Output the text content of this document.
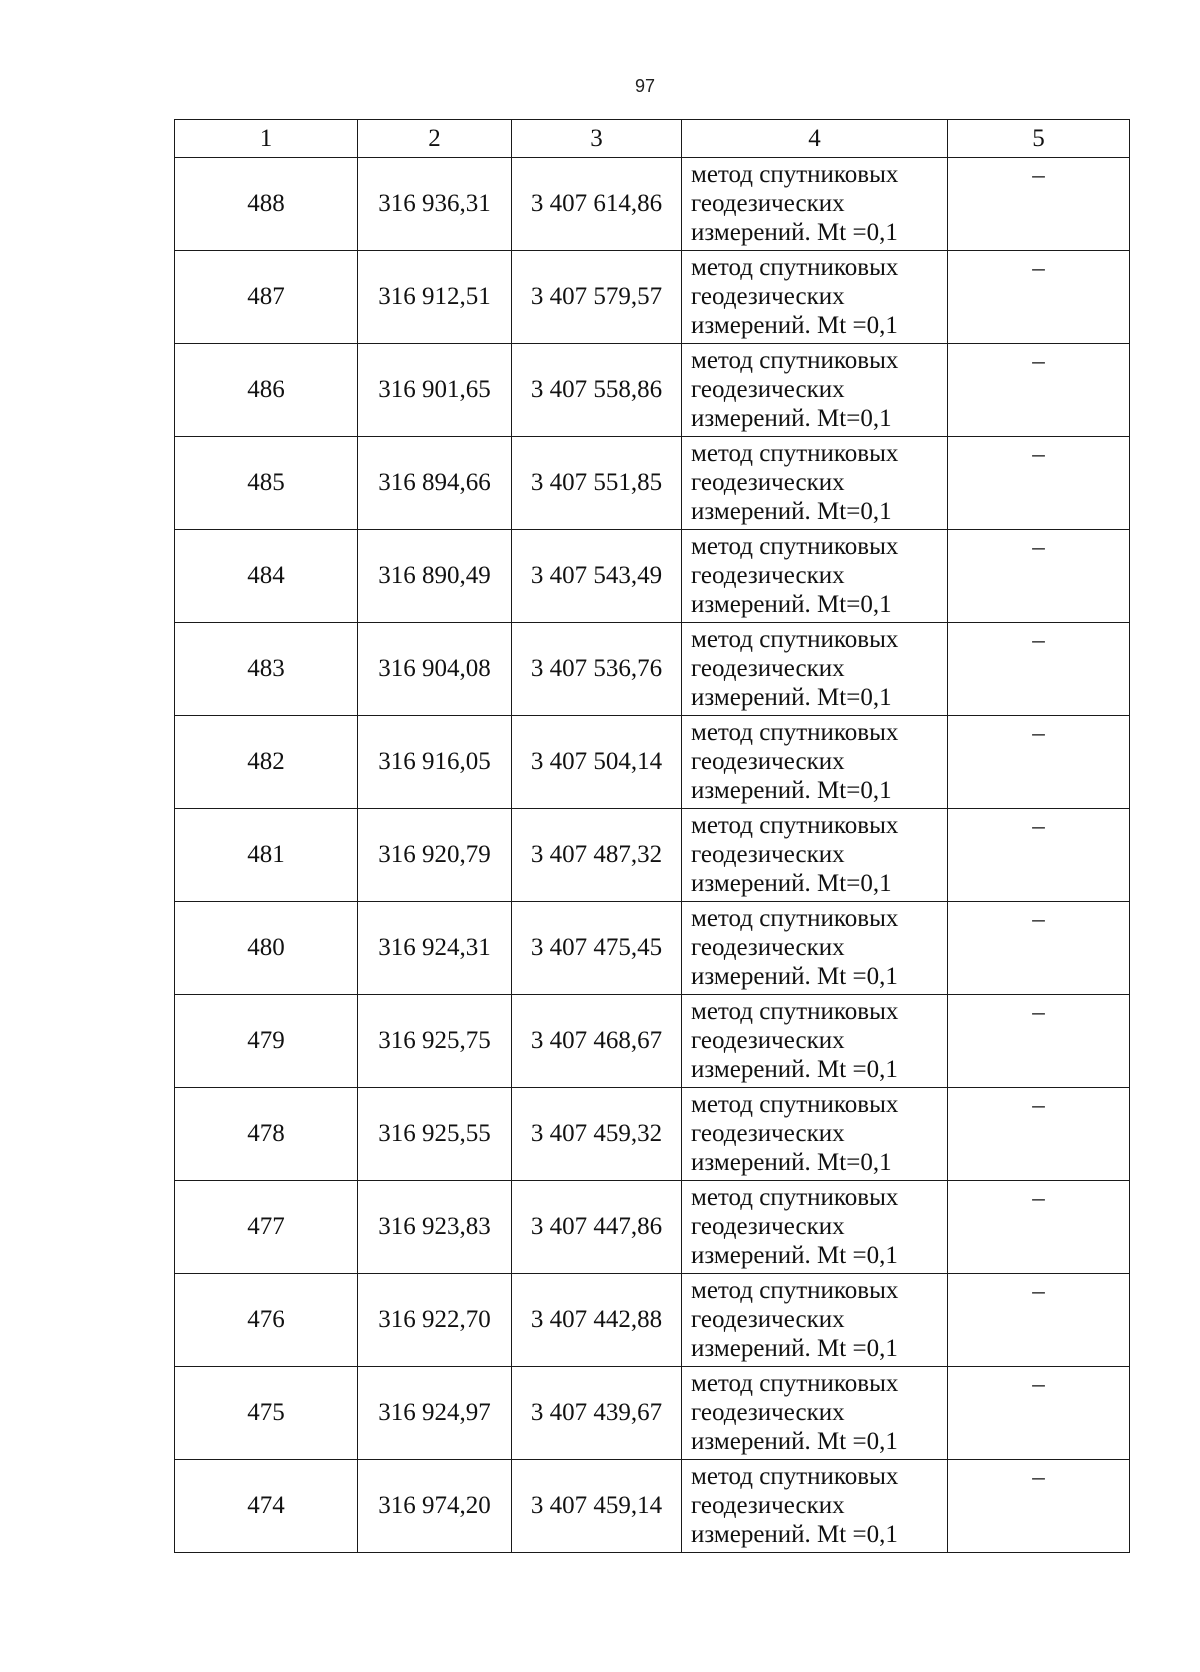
97
1	2	3	4	5
488	316 936,31	3 407 614,86	метод спутниковых
геодезических
измерений. Mt =0,1	–
487	316 912,51	3 407 579,57	метод спутниковых
геодезических
измерений. Mt =0,1	–
486	316 901,65	3 407 558,86	метод спутниковых
геодезических
измерений. Mt=0,1	–
485	316 894,66	3 407 551,85	метод спутниковых
геодезических
измерений. Mt=0,1	–
484	316 890,49	3 407 543,49	метод спутниковых
геодезических
измерений. Mt=0,1	–
483	316 904,08	3 407 536,76	метод спутниковых
геодезических
измерений. Mt=0,1	–
482	316 916,05	3 407 504,14	метод спутниковых
геодезических
измерений. Mt=0,1	–
481	316 920,79	3 407 487,32	метод спутниковых
геодезических
измерений. Mt=0,1	–
480	316 924,31	3 407 475,45	метод спутниковых
геодезических
измерений. Mt =0,1	–
479	316 925,75	3 407 468,67	метод спутниковых
геодезических
измерений. Mt =0,1	–
478	316 925,55	3 407 459,32	метод спутниковых
геодезических
измерений. Mt=0,1	–
477	316 923,83	3 407 447,86	метод спутниковых
геодезических
измерений. Mt =0,1	–
476	316 922,70	3 407 442,88	метод спутниковых
геодезических
измерений. Mt =0,1	–
475	316 924,97	3 407 439,67	метод спутниковых
геодезических
измерений. Mt =0,1	–
474	316 974,20	3 407 459,14	метод спутниковых
геодезических
измерений. Mt =0,1	–
